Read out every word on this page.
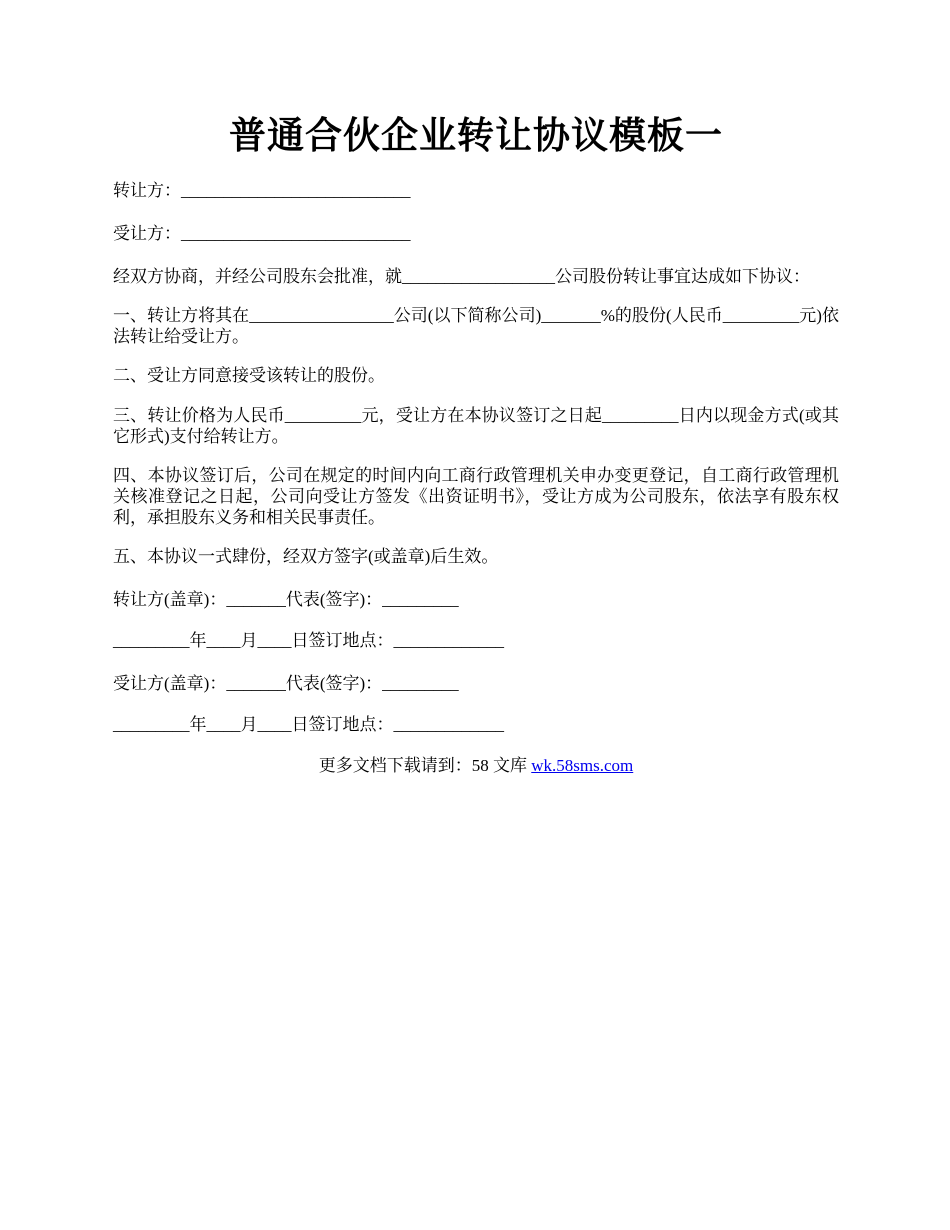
普通合伙企业转让协议模板一

转让方：___________________________

受让方：___________________________

经双方协商，并经公司股东会批准，就__________________公司股份转让事宜达成如下协议：

一、转让方将其在_________________公司(以下简称公司)_______%的股份(人民币_________元)依法转让给受让方。

二、受让方同意接受该转让的股份。

三、转让价格为人民币_________元，受让方在本协议签订之日起_________日内以现金方式(或其它形式)支付给转让方。

四、本协议签订后，公司在规定的时间内向工商行政管理机关申办变更登记，自工商行政管理机关核准登记之日起，公司向受让方签发《出资证明书》，受让方成为公司股东，依法享有股东权利，承担股东义务和相关民事责任。

五、本协议一式肆份，经双方签字(或盖章)后生效。

转让方(盖章)：_______代表(签字)：_________

_________年____月____日签订地点：_____________

受让方(盖章)：_______代表(签字)：_________

_________年____月____日签订地点：_____________

更多文档下载请到：58 文库 wk.58sms.com
